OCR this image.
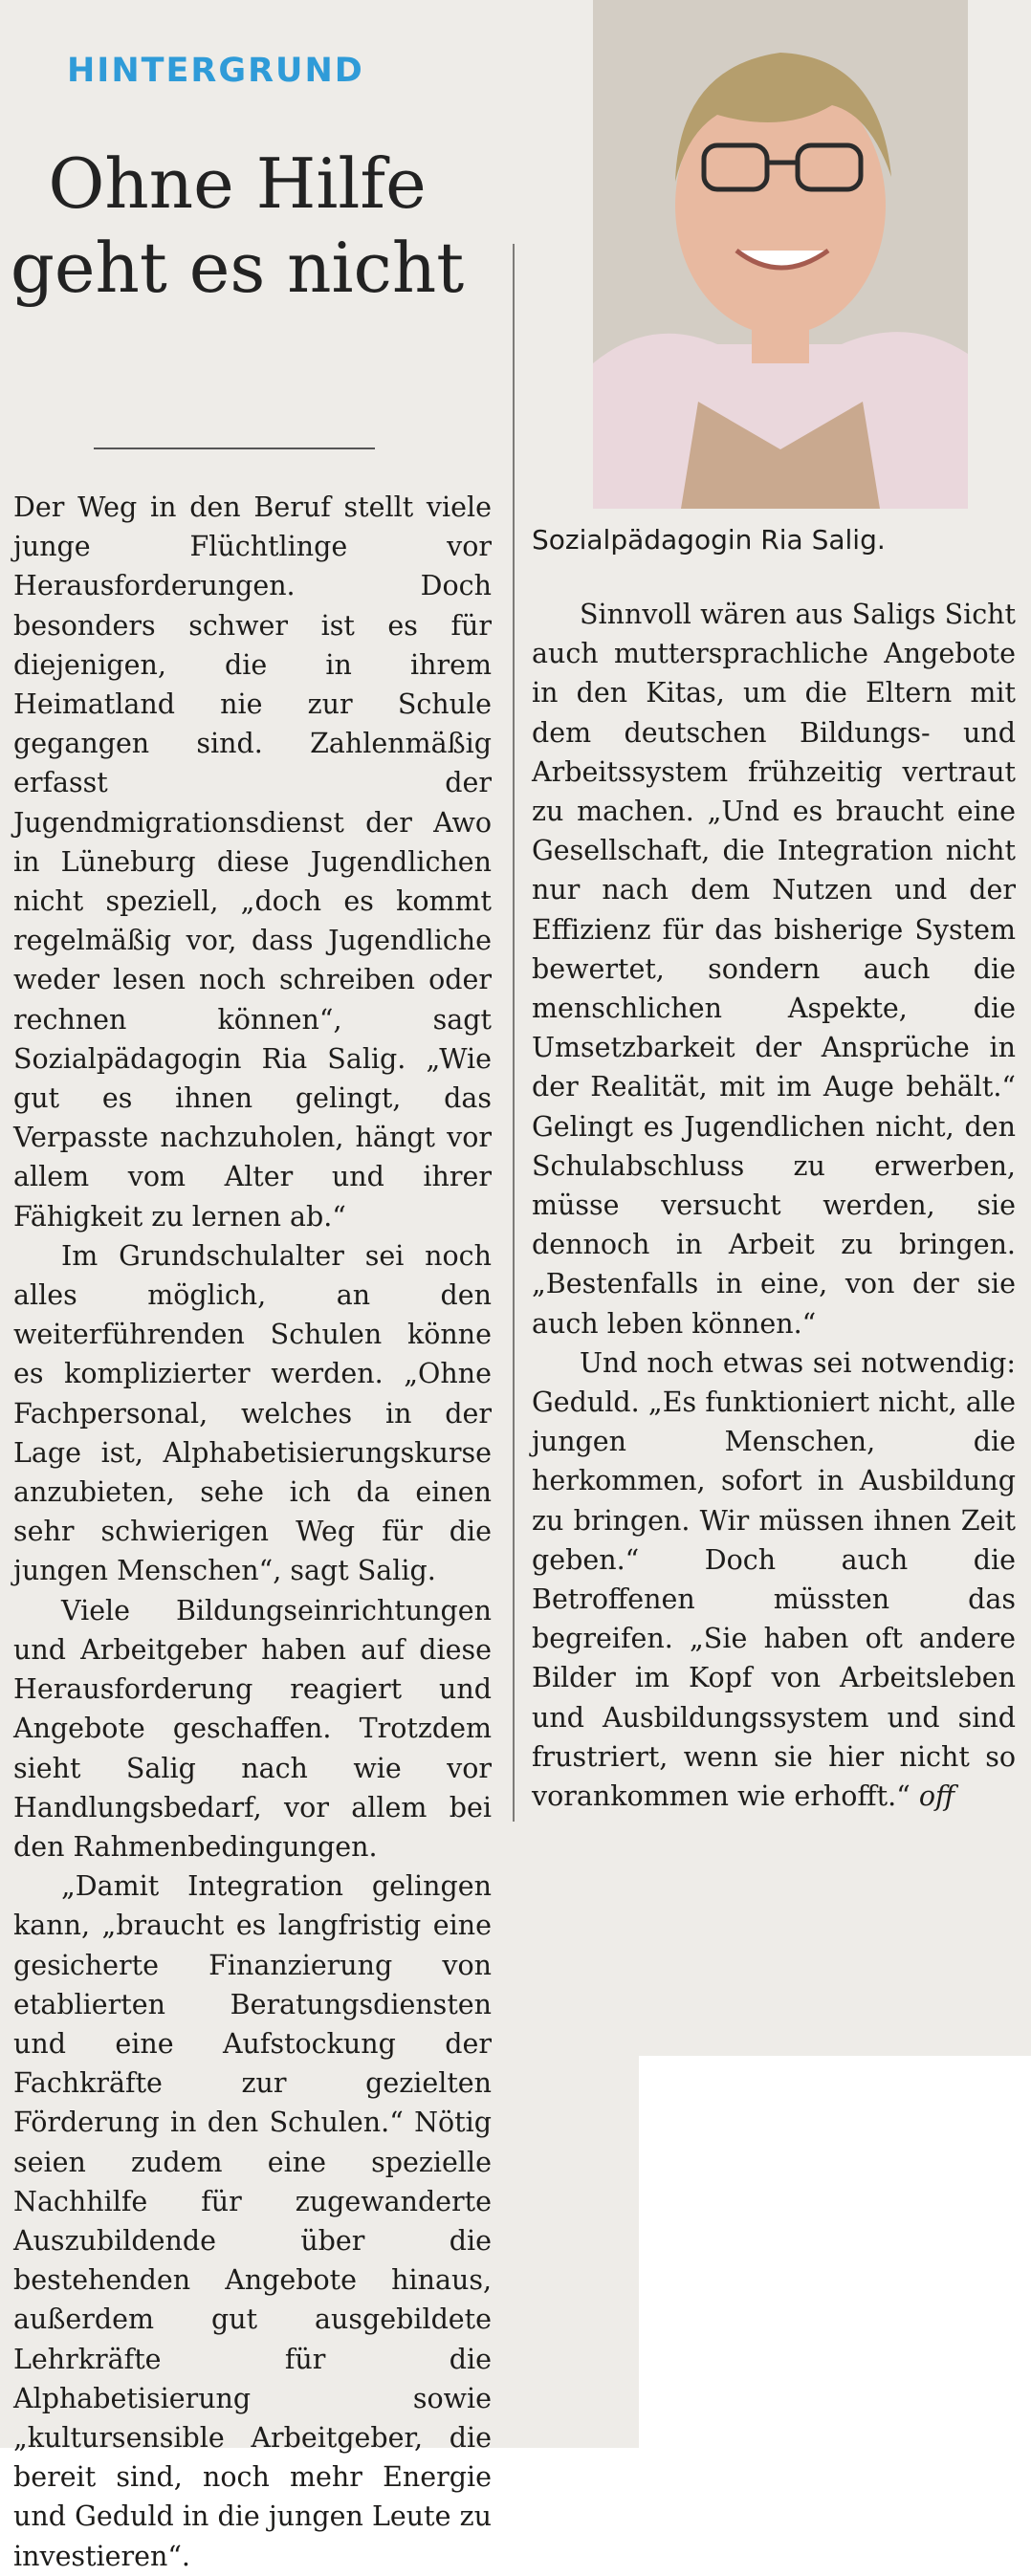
HINTERGRUND
Ohne Hilfe geht es nicht
Sozialpädagogin Ria Salig.

Der Weg in den Beruf stellt viele junge Flüchtlinge vor Herausforderungen. Doch besonders schwer ist es für diejenigen, die in ihrem Heimatland nie zur Schule gegangen sind. Zahlenmäßig erfasst der Jugendmigrationsdienst der Awo in Lüneburg diese Jugendlichen nicht speziell, „doch es kommt regelmäßig vor, dass Jugendliche weder lesen noch schreiben oder rechnen können“, sagt Sozialpädagogin Ria Salig. „Wie gut es ihnen gelingt, das Verpasste nachzuholen, hängt vor allem vom Alter und ihrer Fähigkeit zu lernen ab.“

Im Grundschulalter sei noch alles möglich, an den weiterführenden Schulen könne es komplizierter werden. „Ohne Fachpersonal, welches in der Lage ist, Alphabetisierungskurse anzubieten, sehe ich da einen sehr schwierigen Weg für die jungen Menschen“, sagt Salig.

Viele Bildungseinrichtungen und Arbeitgeber haben auf diese Herausforderung reagiert und Angebote geschaffen. Trotzdem sieht Salig nach wie vor Handlungsbedarf, vor allem bei den Rahmenbedingungen.

„Damit Integration gelingen kann, „braucht es langfristig eine gesicherte Finanzierung von etablierten Beratungsdiensten und eine Aufstockung der Fachkräfte zur gezielten Förderung in den Schulen.“ Nötig seien zudem eine spezielle Nachhilfe für zugewanderte Auszubildende über die bestehenden Angebote hinaus, außerdem gut ausgebildete Lehrkräfte für die Alphabetisierung sowie „kultursensible Arbeitgeber, die bereit sind, noch mehr Energie und Geduld in die jungen Leute zu investieren“.

Sinnvoll wären aus Saligs Sicht auch muttersprachliche Angebote in den Kitas, um die Eltern mit dem deutschen Bildungs- und Arbeitssystem frühzeitig vertraut zu machen. „Und es braucht eine Gesellschaft, die Integration nicht nur nach dem Nutzen und der Effizienz für das bisherige System bewertet, sondern auch die menschlichen Aspekte, die Umsetzbarkeit der Ansprüche in der Realität, mit im Auge behält.“ Gelingt es Jugendlichen nicht, den Schulabschluss zu erwerben, müsse versucht werden, sie dennoch in Arbeit zu bringen. „Bestenfalls in eine, von der sie auch leben können.“

Und noch etwas sei notwendig: Geduld. „Es funktioniert nicht, alle jungen Menschen, die herkommen, sofort in Ausbildung zu bringen. Wir müssen ihnen Zeit geben.“ Doch auch die Betroffenen müssten das begreifen. „Sie haben oft andere Bilder im Kopf von Arbeitsleben und Ausbildungssystem und sind frustriert, wenn sie hier nicht so vorankommen wie erhofft.“ off
